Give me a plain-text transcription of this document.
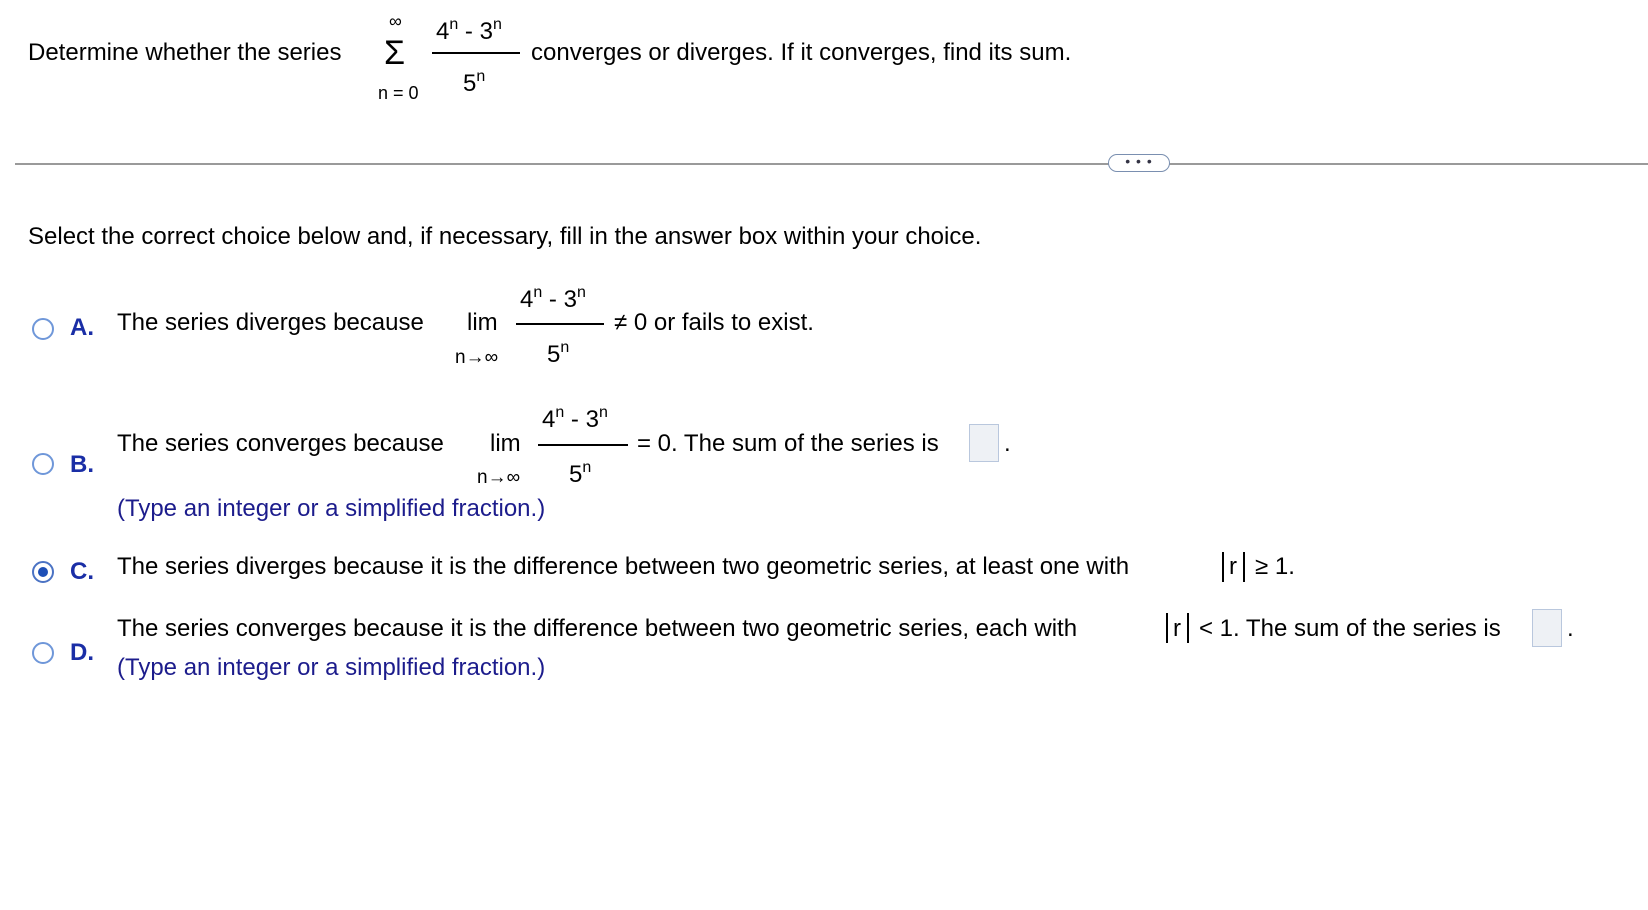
Determine whether the series
∞
Σ
n = 0
4$^n$ - 3$^n$
5$^n$
converges or diverges. If it converges, find its sum.
• • •
Select the correct choice below and, if necessary, fill in the answer box within your choice.
A. The series diverges because lim
n→∞
4$^n$ - 3$^n$
$5^n$
≠ 0 or fails to exist.
B.
The series converges because lim
n→∞
4$^n$ - 3$^n$
$5^n$
= 0. The sum of the series is	.
(Type an integer or a simplified fraction.)
C. The series diverges because it is the difference between two geometric series, at least one with	r ≥ 1.
D.
The series converges because it is the difference between two geometric series, each with	r < 1. The sum of the series is	.
(Type an integer or a simplified fraction.)
